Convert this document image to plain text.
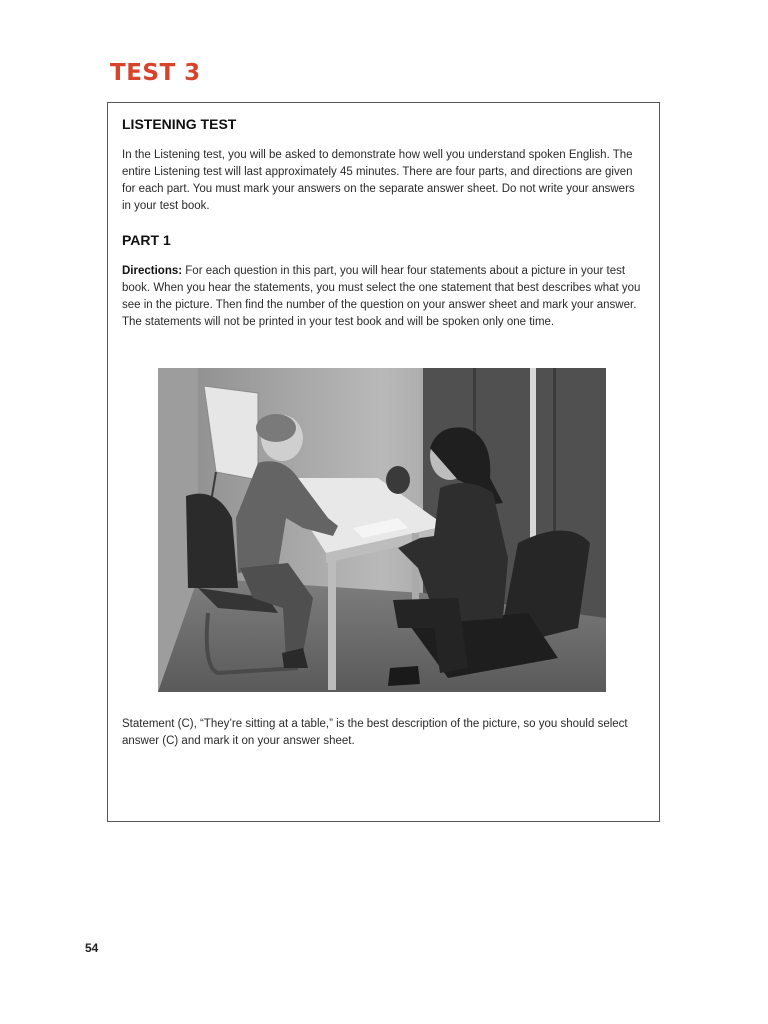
TEST 3
LISTENING TEST

In the Listening test, you will be asked to demonstrate how well you understand spoken English. The entire Listening test will last approximately 45 minutes. There are four parts, and directions are given for each part. You must mark your answers on the separate answer sheet. Do not write your answers in your test book.

PART 1

Directions: For each question in this part, you will hear four statements about a picture in your test book. When you hear the statements, you must select the one statement that best describes what you see in the picture. Then find the number of the question on your answer sheet and mark your answer. The statements will not be printed in your test book and will be spoken only one time.

Statement (C), “They’re sitting at a table,” is the best description of the picture, so you should select answer (C) and mark it on your answer sheet.

54
